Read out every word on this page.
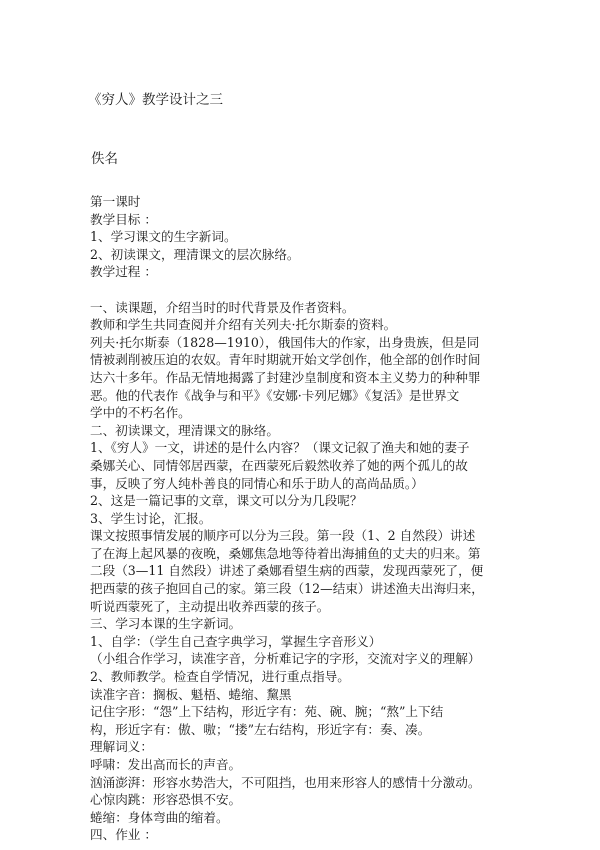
《穷人》教学设计之三
佚名
第一课时
教学目标 ：
1、学习课文的生字新词。
2、初读课文，理清课文的层次脉络。
教学过程 ：
一、读课题，介绍当时的时代背景及作者资料。
教师和学生共同查阅并介绍有关列夫·托尔斯泰的资料。
列夫·托尔斯泰（1828—1910），俄国伟大的作家，出身贵族，但是同
情被剥削被压迫的农奴。青年时期就开始文学创作，他全部的创作时间
达六十多年。作品无情地揭露了封建沙皇制度和资本主义势力的种种罪
恶。他的代表作《战争与和平》《安娜·卡列尼娜》《复活》是世界文
学中的不朽名作。
二、初读课文，理清课文的脉络。
1、《穷人》一文，讲述的是什么内容？（课文记叙了渔夫和她的妻子
桑娜关心、同情邻居西蒙，在西蒙死后毅然收养了她的两个孤儿的故
事，反映了穷人纯朴善良的同情心和乐于助人的高尚品质。）
2、这是一篇记事的文章，课文可以分为几段呢？
3、学生讨论，汇报。
课文按照事情发展的顺序可以分为三段。第一段（1、2 自然段）讲述
了在海上起风暴的夜晚，桑娜焦急地等待着出海捕鱼的丈夫的归来。第
二段（3—11 自然段）讲述了桑娜看望生病的西蒙，发现西蒙死了，便
把西蒙的孩子抱回自己的家。第三段（12—结束）讲述渔夫出海归来，
听说西蒙死了，主动提出收养西蒙的孩子。
三、学习本课的生字新词。
1、自学：（学生自己查字典学习，掌握生字音形义）
（小组合作学习，读准字音，分析难记字的字形，交流对字义的理解）
2、教师教学。检查自学情况，进行重点指导。
读准字音：搁板、魁梧、蜷缩、黧黑
记住字形：“怨”上下结构，形近字有：苑、碗、腕；“熬”上下结
构，形近字有：傲、嗷；“搂”左右结构，形近字有：奏、凑。
理解词义：
呼啸：发出高而长的声音。
汹涌澎湃：形容水势浩大，不可阻挡，也用来形容人的感情十分激动。
心惊肉跳：形容恐惧不安。
蜷缩：身体弯曲的缩着。
四、作业 ：
